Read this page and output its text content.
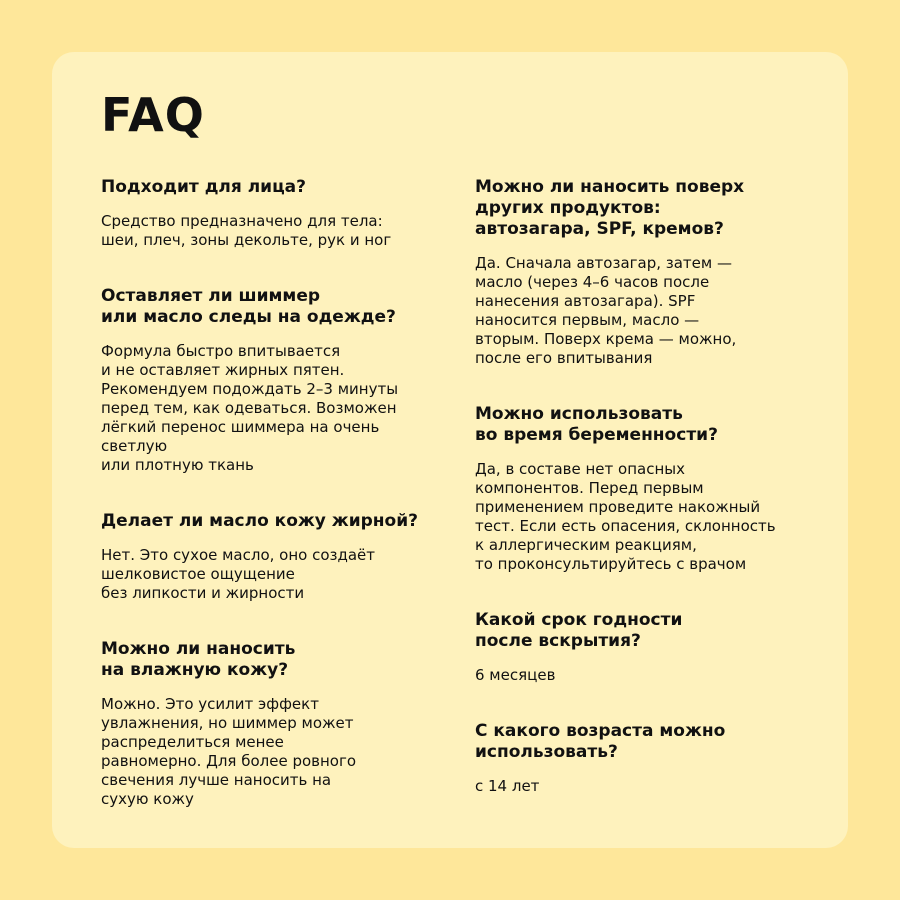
FAQ

Подходит для лица?

Средство предназначено для тела:
шеи, плеч, зоны декольте, рук и ног

Оставляет ли шиммер
или масло следы на одежде?

Формула быстро впитывается
и не оставляет жирных пятен.
Рекомендуем подождать 2–3 минуты
перед тем, как одеваться. Возможен
лёгкий перенос шиммера на очень
светлую
или плотную ткань

Делает ли масло кожу жирной?

Нет. Это сухое масло, оно создаёт
шелковистое ощущение
без липкости и жирности

Можно ли наносить
на влажную кожу?

Можно. Это усилит эффект
увлажнения, но шиммер может
распределиться менее
равномерно. Для более ровного
свечения лучше наносить на
сухую кожу

Можно ли наносить поверх
других продуктов:
автозагара, SPF, кремов?

Да. Сначала автозагар, затем —
масло (через 4–6 часов после
нанесения автозагара). SPF
наносится первым, масло —
вторым. Поверх крема — можно,
после его впитывания

Можно использовать
во время беременности?

Да, в составе нет опасных
компонентов. Перед первым
применением проведите накожный
тест. Если есть опасения, склонность
к аллергическим реакциям,
то проконсультируйтесь с врачом

Какой срок годности
после вскрытия?

6 месяцев

С какого возраста можно
использовать?

с 14 лет
